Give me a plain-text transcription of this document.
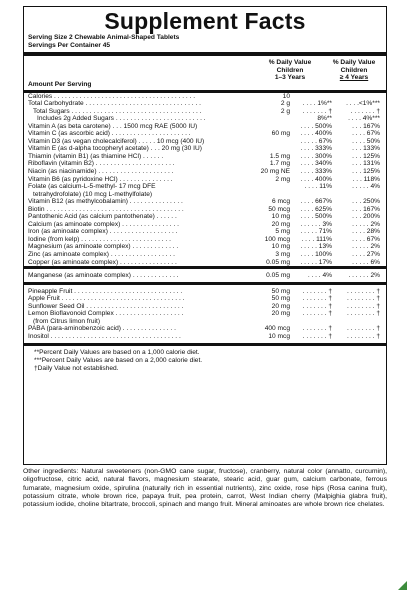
Supplement Facts
Serving Size 2 Chewable Animal-Shaped Tablets
Servings Per Container 45
% Daily Value
Children
1–3 Years
% Daily Value
Children
≥ 4 Years
Amount Per Serving
Calories . . . . . . . . . . . . . . . . . . . . . . . . . . . . . . . . . . . . . . .	10
Total Carbohydrate . . . . . . . . . . . . . . . . . . . . . . . . . . . . . . . .	2 g . . . . 1%** . . . .<1%***
Total Sugars . . . . . . . . . . . . . . . . . . . . . . . . . . . . . . . . . . . .	2 g . . . . . . . †	. . . . . . . †
Includes 2g Added Sugars . . . . . . . . . . . . . . . . . . . . . . . . .	8%** . . . . 4%***
Vitamin A (as beta carotene) . . . 1500 mcg RAE (5000 IU)	. . . . 500%	. . . 167%
Vitamin C (as ascorbic acid) . . . . . . . . . . . . . . . . . . . . . .	60 mg . . . . 400%	. . . . 67%
Vitamin D3 (as vegan cholecalciferol) . . . . . 10 mcg (400 IU)	. . . . . 67%	. . . . 50%
Vitamin E (as d-alpha tocopheryl acetate) . . . 20 mg (30 IU)	. . . . 333%	. . . 133%
Thiamin (vitamin B1) (as thiamine HCl) . . . . . .	1.5 mg . . . . 300%	. . . 125%
Riboflavin (vitamin B2) . . . . . . . . . . . . . . . . . . . . . .	1.7 mg . . . . 340%	. . . 131%
Niacin (as niacinamide) . . . . . . . . . . . . . . . . . . . . .	20 mg NE . . . . 333%	. . . 125%
Vitamin B6 (as pyridoxine HCl) . . . . . . . . . . . . . . .	2 mg . . . . 400%	. . . 118%
Folate (as calcium-L-5-methyl- 17 mcg DFE	. . . . 11%	. . . . . 4%
tetrahydrofolate) (10 mcg L-methylfolate)
Vitamin B12 (as methylcobalamin) . . . . . . . . . . . . . . .	6 mcg . . . . 667%	. . . 250%
Biotin . . . . . . . . . . . . . . . . . . . . . . . . . . . . . . . . . . . . . .	50 mcg . . . . 625%	. . . 167%
Pantothenic Acid (as calcium pantothenate) . . . . . .	10 mg . . . . 500%	. . . 200%
Calcium (as aminoate complex) . . . . . . . . . . . . . . . .	20 mg . . . . . . 3%	. . . . . 2%
Iron (as aminoate complex) . . . . . . . . . . . . . . . . . . .	5 mg . . . . . 71%	. . . . 28%
Iodine (from kelp) . . . . . . . . . . . . . . . . . . . . . . . . .	100 mcg . . . . 111%	. . . . 67%
Magnesium (as aminoate complex) . . . . . . . . . . . . .	10 mg . . . . . 13%	. . . . . 2%
Zinc (as aminoate complex) . . . . . . . . . . . . . . . . . .	3 mg . . . . 100%	. . . . 27%
Copper (as aminoate complex) . . . . . . . . . . . . . . . .	0.05 mg . . . . . 17%	. . . . . 6%
Manganese (as aminoate complex) . . . . . . . . . . . . .	0.05 mg	. . . . 4% . . . . . . 2%
Pineapple Fruit . . . . . . . . . . . . . . . . . . . . . . . . . . . . . .	50 mg . . . . . . . † . . . . . . . . †
Apple Fruit . . . . . . . . . . . . . . . . . . . . . . . . . . . . . . . . . .	50 mg . . . . . . . † . . . . . . . . †
Sunflower Seed Oil . . . . . . . . . . . . . . . . . . . . . . . . . . .	20 mg . . . . . . . † . . . . . . . . †
Lemon Bioflavonoid Complex . . . . . . . . . . . . . . . . . . .	20 mg . . . . . . . † . . . . . . . . †
(from Citrus limon fruit)
PABA (para-aminobenzoic acid) . . . . . . . . . . . . . . .	400 mcg . . . . . . . † . . . . . . . . †
Inositol . . . . . . . . . . . . . . . . . . . . . . . . . . . . . . . . . . . .	10 mcg . . . . . . . † . . . . . . . . †
**Percent Daily Values are based on a 1,000 calorie diet.
***Percent Daily Values are based on a 2,000 calorie diet.
†Daily Value not established.
Other ingredients: Natural sweeteners (non-GMO cane sugar, fructose), cranberry, natural color (annatto, curcumin), oligofructose, citric acid, natural flavors, magnesium stearate, stearic acid, guar gum, calcium carbonate, ferrous fumarate, magnesium oxide, spirulina (naturally rich in essential nutrients), zinc oxide, rose hips (Rosa canina fruit), potassium citrate, whole brown rice, papaya fruit, pea protein, carrot, West Indian cherry (Malpighia glabra fruit), potassium iodide, choline bitartrate, broccoli, spinach and mango fruit. Mineral aminoates are whole brown rice chelates.
